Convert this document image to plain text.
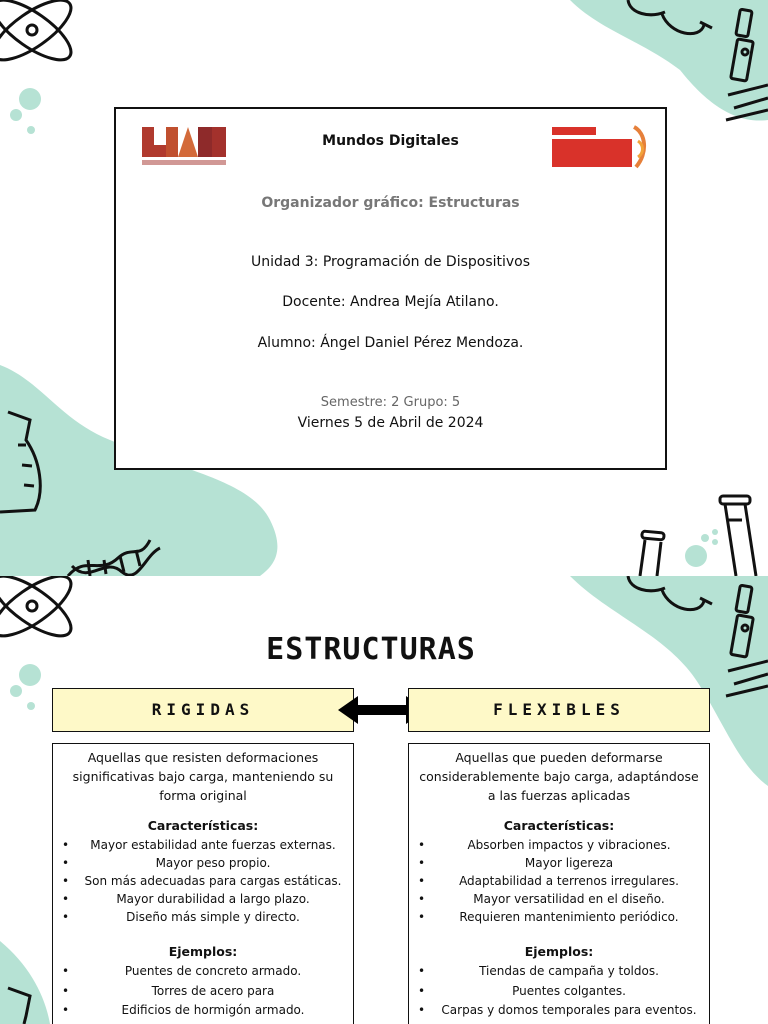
Mundos Digitales
Organizador gráfico: Estructuras
Unidad 3: Programación de Dispositivos
Docente: Andrea Mejía Atilano.
Alumno: Ángel Daniel Pérez Mendoza.
Semestre: 2 Grupo: 5
Viernes 5 de Abril de 2024
ESTRUCTURAS
RIGIDAS	FLEXIBLES
Aquellas que resisten deformaciones significativas bajo carga, manteniendo su forma original
Características:
• Mayor estabilidad ante fuerzas externas.
• Mayor peso propio.
• Son más adecuadas para cargas estáticas.
• Mayor durabilidad a largo plazo.
• Diseño más simple y directo.
Ejemplos:
• Puentes de concreto armado.
• Torres de acero para
• Edificios de hormigón armado.
Aquellas que pueden deformarse considerablemente bajo carga, adaptándose a las fuerzas aplicadas
Características:
• Absorben impactos y vibraciones.
• Mayor ligereza
• Adaptabilidad a terrenos irregulares.
• Mayor versatilidad en el diseño.
• Requieren mantenimiento periódico.
Ejemplos:
• Tiendas de campaña y toldos.
• Puentes colgantes.
• Carpas y domos temporales para eventos.
